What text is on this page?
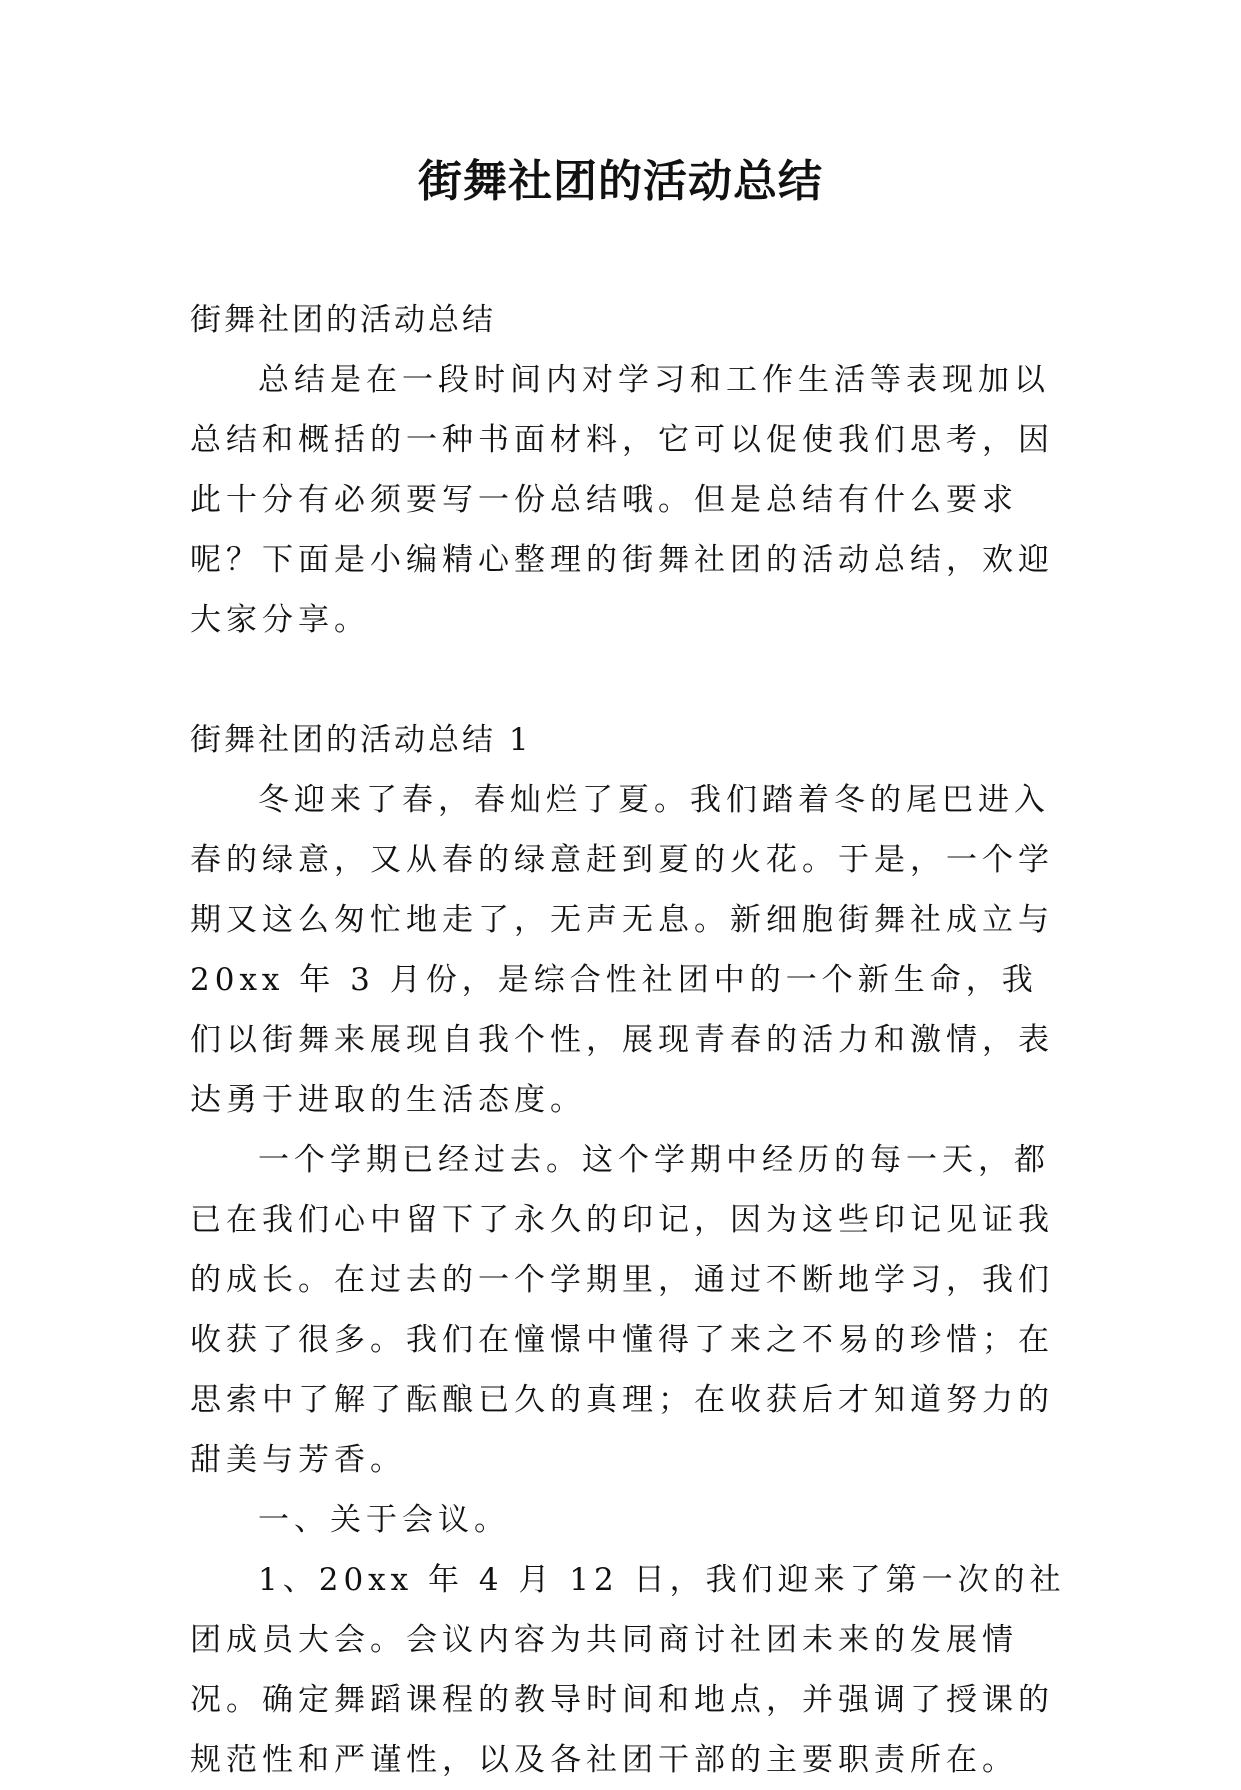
街舞社团的活动总结

街舞社团的活动总结

总结是在一段时间内对学习和工作生活等表现加以总结和概括的一种书面材料，它可以促使我们思考，因此十分有必须要写一份总结哦。但是总结有什么要求呢？下面是小编精心整理的街舞社团的活动总结，欢迎大家分享。

街舞社团的活动总结 1

冬迎来了春，春灿烂了夏。我们踏着冬的尾巴进入春的绿意，又从春的绿意赶到夏的火花。于是，一个学期又这么匆忙地走了，无声无息。新细胞街舞社成立与 20xx 年 3 月份，是综合性社团中的一个新生命，我们以街舞来展现自我个性，展现青春的活力和激情，表达勇于进取的生活态度。

一个学期已经过去。这个学期中经历的每一天，都已在我们心中留下了永久的印记，因为这些印记见证我的成长。在过去的一个学期里，通过不断地学习，我们收获了很多。我们在憧憬中懂得了来之不易的珍惜；在思索中了解了酝酿已久的真理；在收获后才知道努力的甜美与芳香。

一、关于会议。

1、20xx 年 4 月 12 日，我们迎来了第一次的社团成员大会。会议内容为共同商讨社团未来的发展情况。确定舞蹈课程的教导时间和地点，并强调了授课的规范性和严谨性，以及各社团干部的主要职责所在。
